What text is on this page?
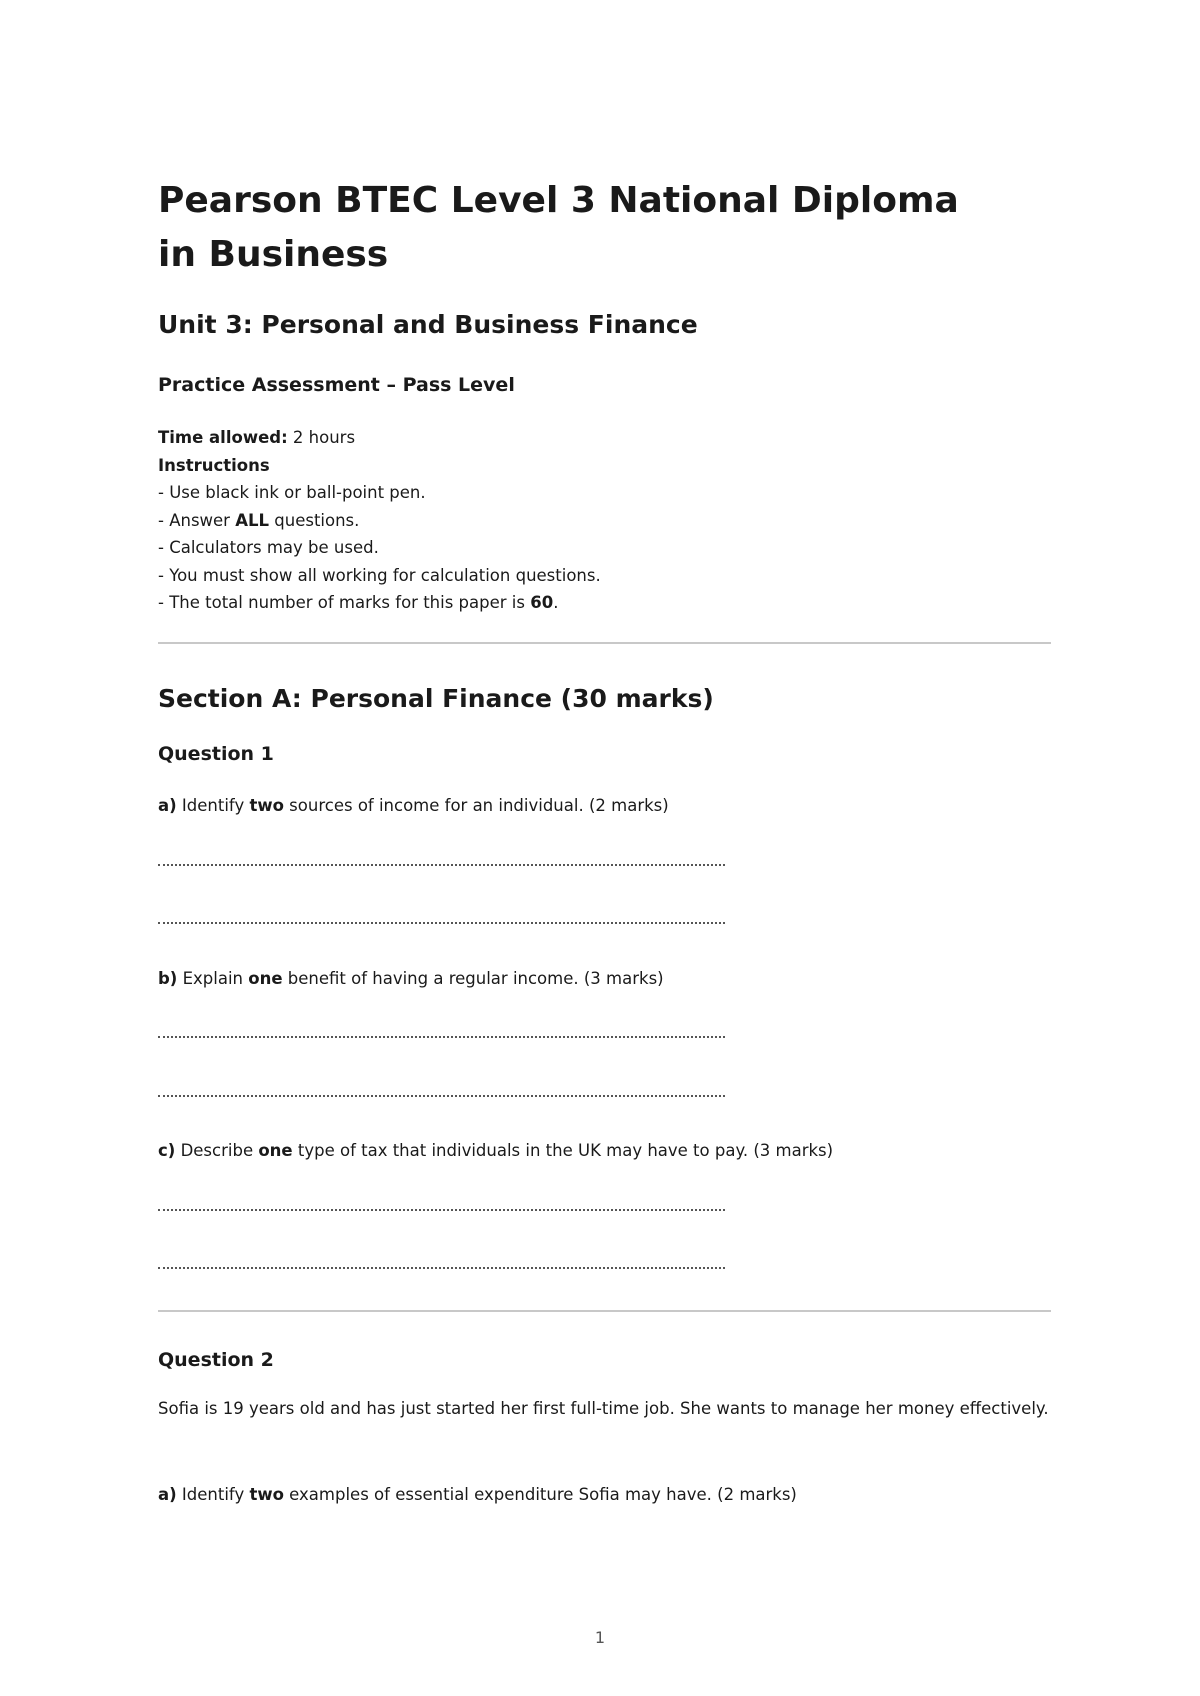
Pearson BTEC Level 3 National Diploma in Business
Unit 3: Personal and Business Finance
Practice Assessment – Pass Level
Time allowed: 2 hours
Instructions
- Use black ink or ball-point pen.
- Answer ALL questions.
- Calculators may be used.
- You must show all working for calculation questions.
- The total number of marks for this paper is 60.
Section A: Personal Finance (30 marks)
Question 1
a) Identify two sources of income for an individual. (2 marks)
b) Explain one benefit of having a regular income. (3 marks)
c) Describe one type of tax that individuals in the UK may have to pay. (3 marks)
Question 2
Sofia is 19 years old and has just started her first full-time job. She wants to manage her money effectively.
a) Identify two examples of essential expenditure Sofia may have. (2 marks)
1
